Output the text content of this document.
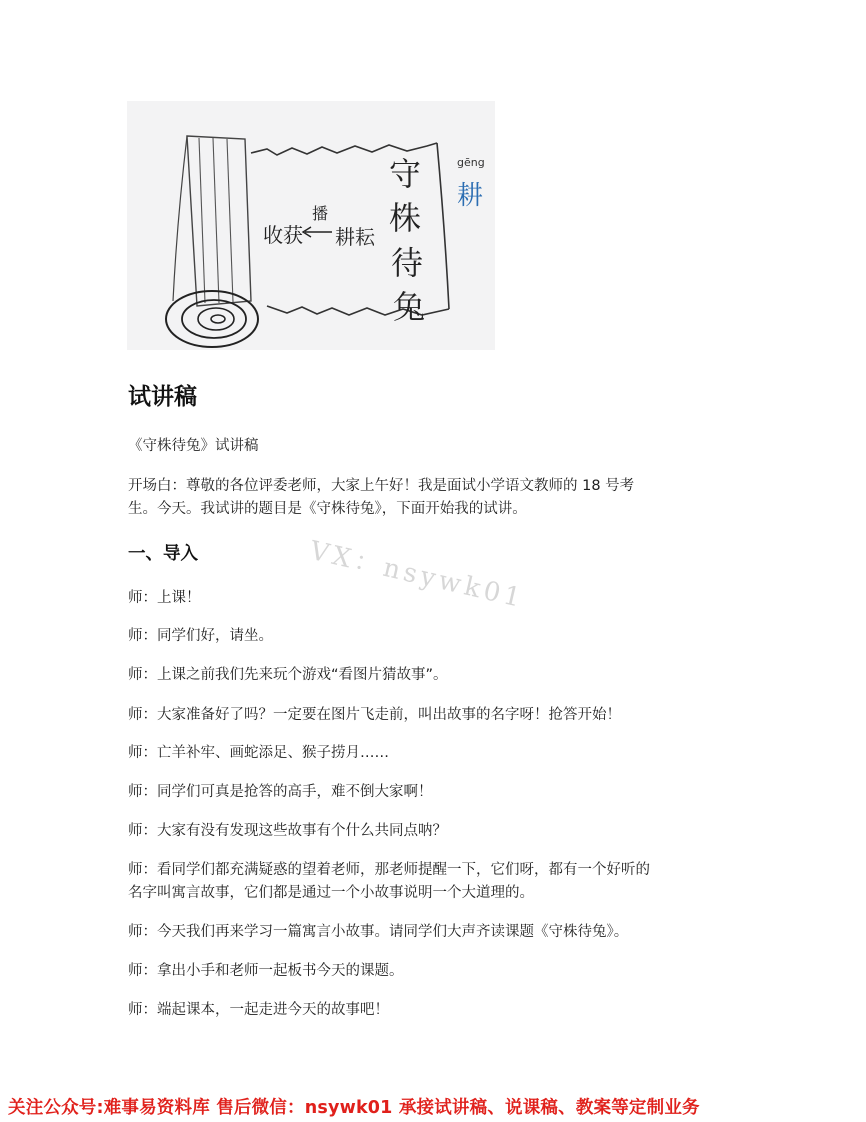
守
株
待
兔
gēng
耕
收获
播
耕耘
试讲稿
《守株待兔》试讲稿
开场白：尊敬的各位评委老师，大家上午好！我是面试小学语文教师的 18 号考
生。今天。我试讲的题目是《守株待兔》，下面开始我的试讲。
VX：nsywk01
一、导入
师：上课！
师：同学们好，请坐。
师：上课之前我们先来玩个游戏“看图片猜故事”。
师：大家准备好了吗？一定要在图片飞走前，叫出故事的名字呀！抢答开始！
师：亡羊补牢、画蛇添足、猴子捞月……
师：同学们可真是抢答的高手，难不倒大家啊！
师：大家有没有发现这些故事有个什么共同点呐？
师：看同学们都充满疑惑的望着老师，那老师提醒一下，它们呀，都有一个好听的
名字叫寓言故事，它们都是通过一个小故事说明一个大道理的。
师：今天我们再来学习一篇寓言小故事。请同学们大声齐读课题《守株待兔》。
师：拿出小手和老师一起板书今天的课题。
师：端起课本，一起走进今天的故事吧！
关注公众号:难事易资料库 售后微信：nsywk01 承接试讲稿、说课稿、教案等定制业务
